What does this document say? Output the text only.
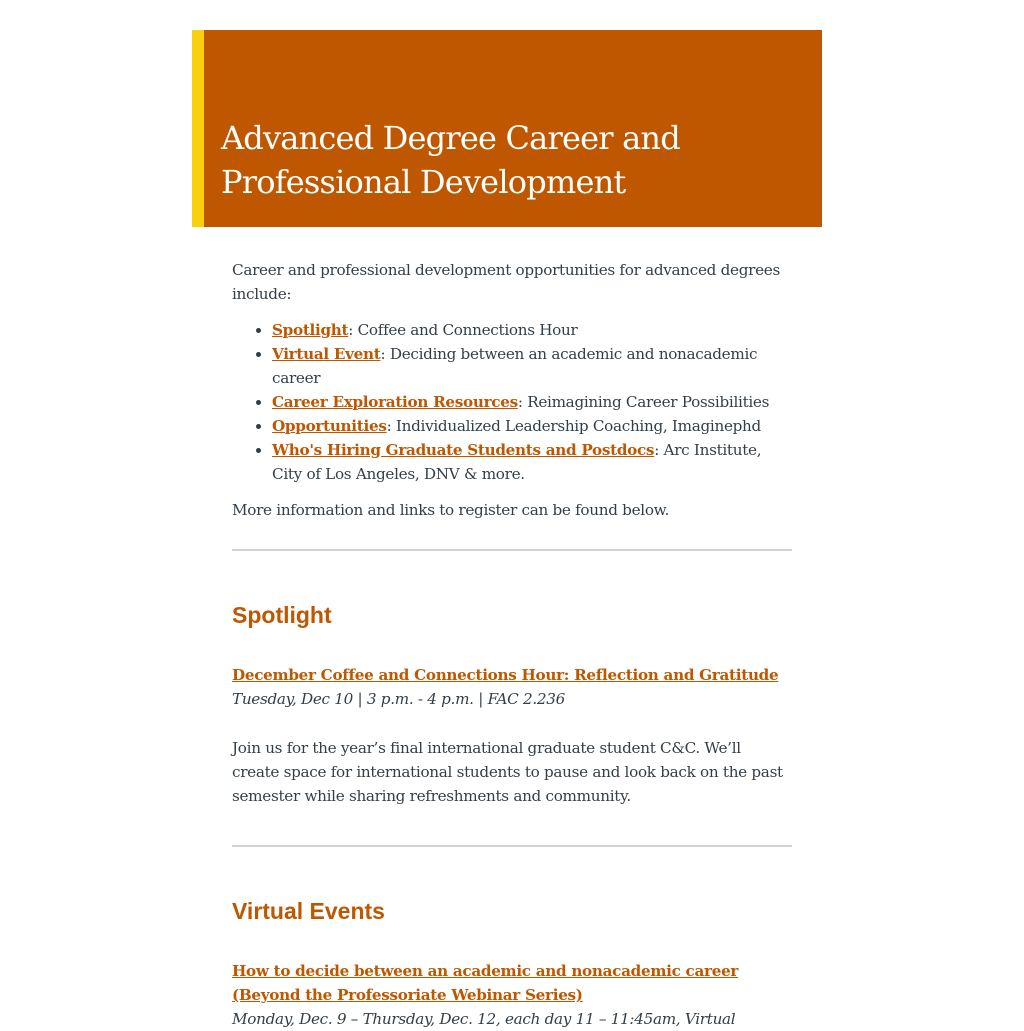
Advanced Degree Career and Professional Development

Career and professional development opportunities for advanced degrees include:

• Spotlight: Coffee and Connections Hour
• Virtual Event: Deciding between an academic and nonacademic career
• Career Exploration Resources: Reimagining Career Possibilities
• Opportunities: Individualized Leadership Coaching, Imaginephd
• Who's Hiring Graduate Students and Postdocs: Arc Institute, City of Los Angeles, DNV & more.

More information and links to register can be found below.

Spotlight
December Coffee and Connections Hour: Reflection and Gratitude

Tuesday, Dec 10 | 3 p.m. - 4 p.m. | FAC 2.236

Join us for the year’s final international graduate student C&C. We’ll create space for international students to pause and look back on the past semester while sharing refreshments and community.

Virtual Events
How to decide between an academic and nonacademic career (Beyond the Professoriate Webinar Series)

Monday, Dec. 9 – Thursday, Dec. 12, each day 11 – 11:45am, Virtual
